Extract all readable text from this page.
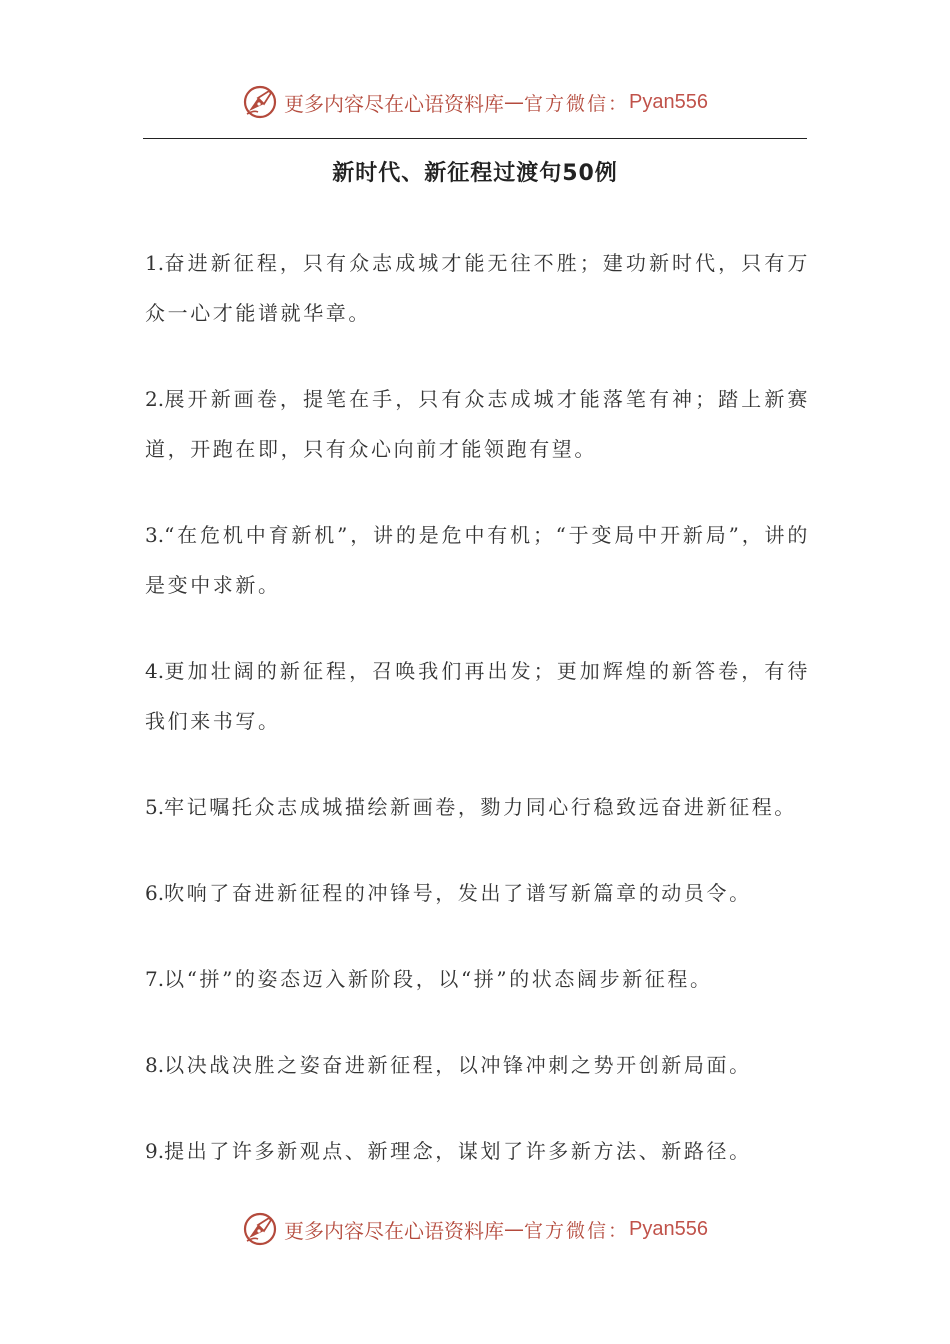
更多内容尽在心语资料库 — 官方微信： Pyan556
新时代、新征程过渡句50例

1.奋进新征程，只有众志成城才能无往不胜；建功新时代，只有万众一心才能谱就华章。

2.展开新画卷，提笔在手，只有众志成城才能落笔有神；踏上新赛道，开跑在即，只有众心向前才能领跑有望。

3.“在危机中育新机”，讲的是危中有机；“于变局中开新局”，讲的是变中求新。

4.更加壮阔的新征程，召唤我们再出发；更加辉煌的新答卷，有待我们来书写。

5.牢记嘱托众志成城描绘新画卷，勠力同心行稳致远奋进新征程。

6.吹响了奋进新征程的冲锋号，发出了谱写新篇章的动员令。

7.以“拼”的姿态迈入新阶段，以“拼”的状态阔步新征程。

8.以决战决胜之姿奋进新征程，以冲锋冲刺之势开创新局面。

9.提出了许多新观点、新理念，谋划了许多新方法、新路径。

更多内容尽在心语资料库 — 官方微信： Pyan556
